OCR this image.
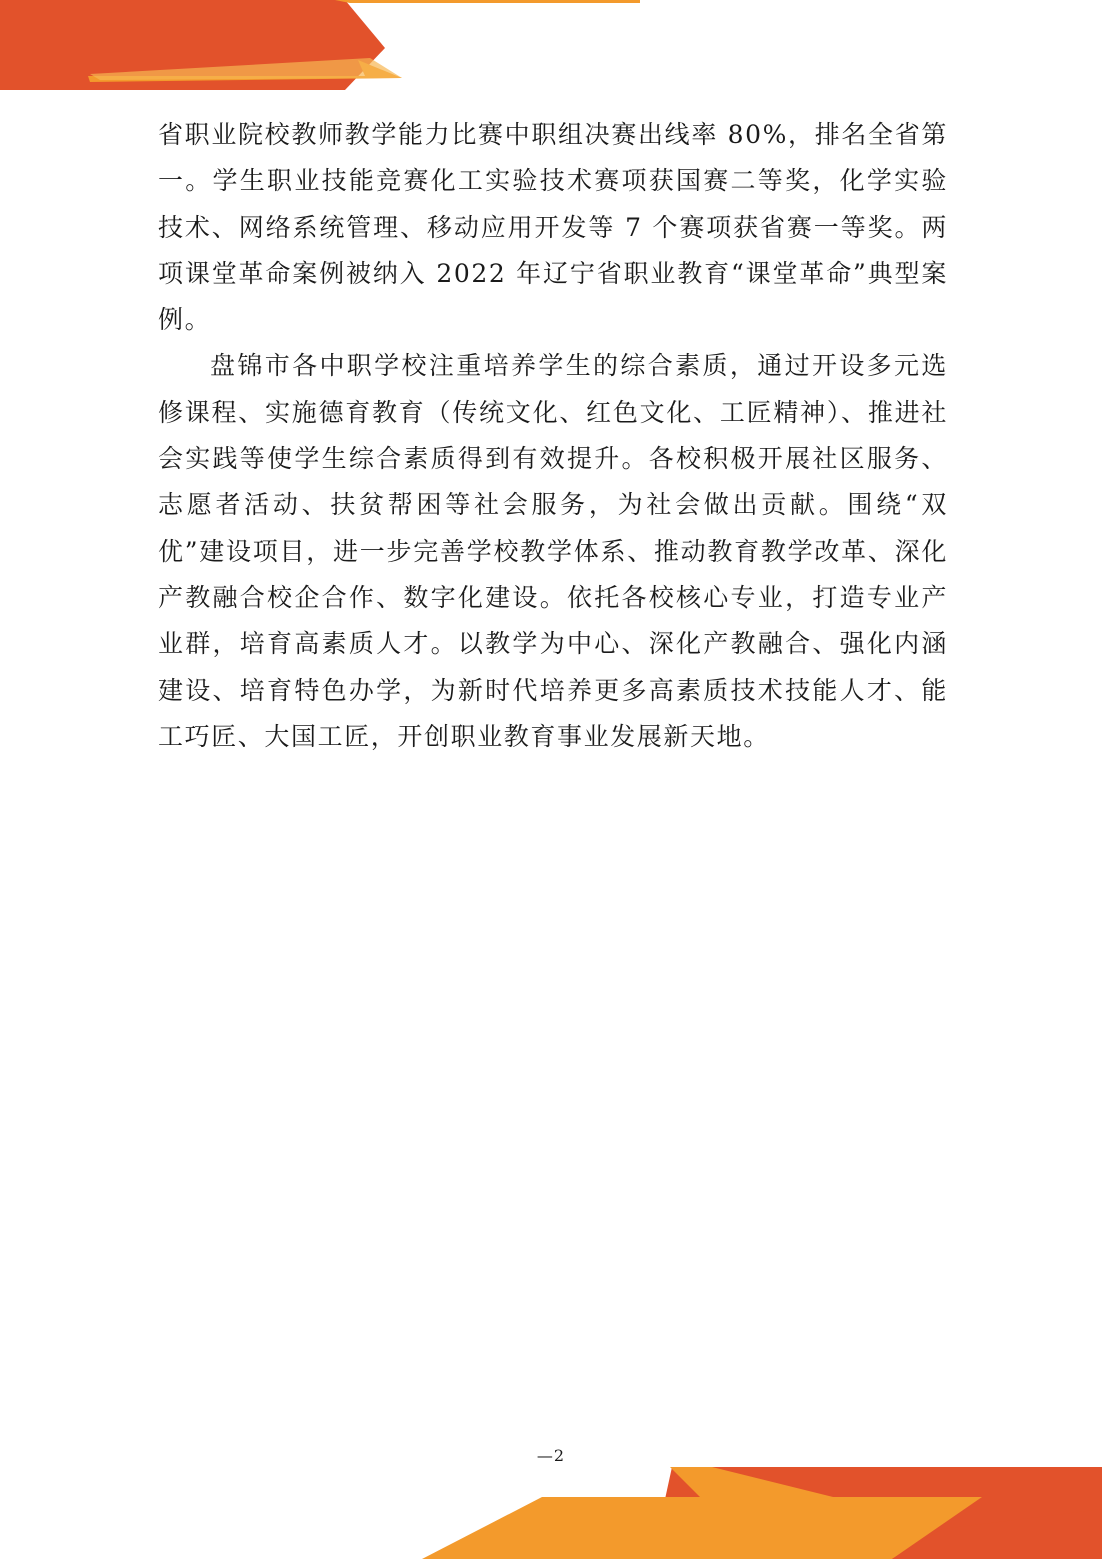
省职业院校教师教学能力比赛中职组决赛出线率 80%，排名全省第一。学生职业技能竞赛化工实验技术赛项获国赛二等奖，化学实验技术、网络系统管理、移动应用开发等 7 个赛项获省赛一等奖。两项课堂革命案例被纳入 2022 年辽宁省职业教育“课堂革命”典型案例。

盘锦市各中职学校注重培养学生的综合素质，通过开设多元选修课程、实施德育教育（传统文化、红色文化、工匠精神）、推进社会实践等使学生综合素质得到有效提升。各校积极开展社区服务、志愿者活动、扶贫帮困等社会服务，为社会做出贡献。围绕“双优”建设项目，进一步完善学校教学体系、推动教育教学改革、深化产教融合校企合作、数字化建设。依托各校核心专业，打造专业产业群，培育高素质人才。以教学为中心、深化产教融合、强化内涵建设、培育特色办学，为新时代培养更多高素质技术技能人才、能工巧匠、大国工匠，开创职业教育事业发展新天地。

—2
